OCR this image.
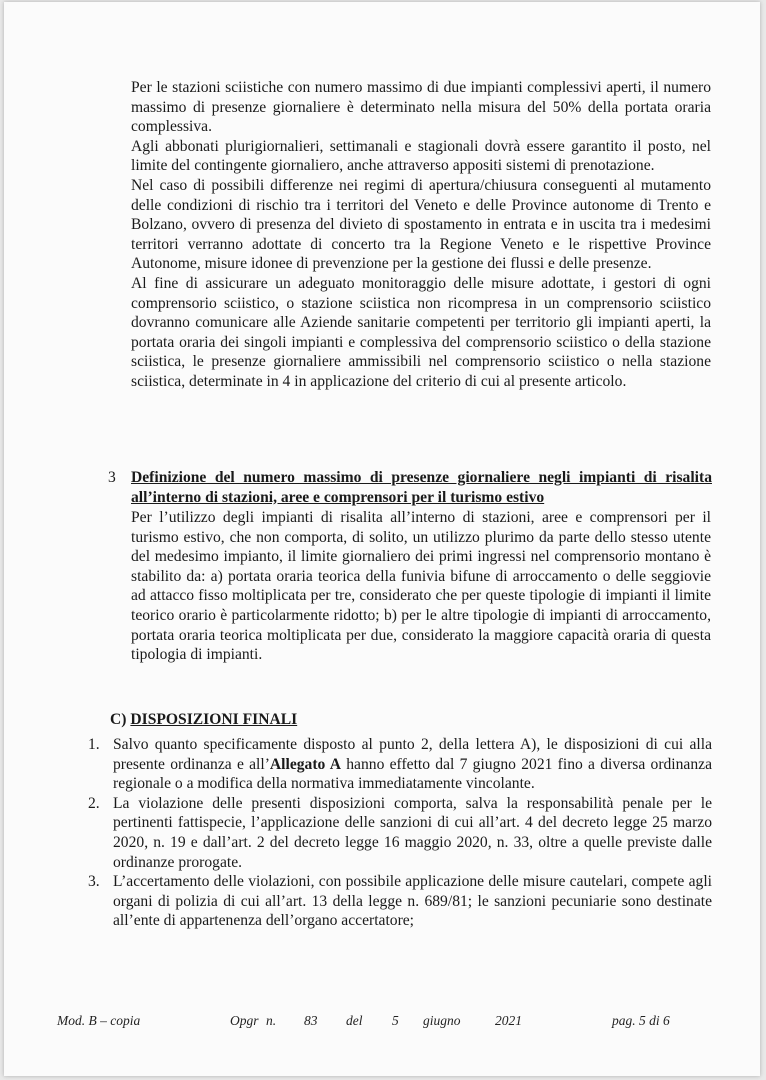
Per le stazioni sciistiche con numero massimo di due impianti complessivi aperti, il numero massimo di presenze giornaliere è determinato nella misura del 50% della portata oraria complessiva.

Agli abbonati plurigiornalieri, settimanali e stagionali dovrà essere garantito il posto, nel limite del contingente giornaliero, anche attraverso appositi sistemi di prenotazione.

Nel caso di possibili differenze nei regimi di apertura/chiusura conseguenti al mutamento delle condizioni di rischio tra i territori del Veneto e delle Province autonome di Trento e Bolzano, ovvero di presenza del divieto di spostamento in entrata e in uscita tra i medesimi territori verranno adottate di concerto tra la Regione Veneto e le rispettive Province Autonome, misure idonee di prevenzione per la gestione dei flussi e delle presenze.

Al fine di assicurare un adeguato monitoraggio delle misure adottate, i gestori di ogni comprensorio sciistico, o stazione sciistica non ricompresa in un comprensorio sciistico dovranno comunicare alle Aziende sanitarie competenti per territorio gli impianti aperti, la portata oraria dei singoli impianti e complessiva del comprensorio sciistico o della stazione sciistica, le presenze giornaliere ammissibili nel comprensorio sciistico o nella stazione sciistica, determinate in 4 in applicazione del criterio di cui al presente articolo.

3 Definizione del numero massimo di presenze giornaliere negli impianti di risalita all’interno di stazioni, aree e comprensori per il turismo estivo

Per l’utilizzo degli impianti di risalita all’interno di stazioni, aree e comprensori per il turismo estivo, che non comporta, di solito, un utilizzo plurimo da parte dello stesso utente del medesimo impianto, il limite giornaliero dei primi ingressi nel comprensorio montano è stabilito da: a) portata oraria teorica della funivia bifune di arroccamento o delle seggiovie ad attacco fisso moltiplicata per tre, considerato che per queste tipologie di impianti il limite teorico orario è particolarmente ridotto; b) per le altre tipologie di impianti di arroccamento, portata oraria teorica moltiplicata per due, considerato la maggiore capacità oraria di questa tipologia di impianti.

C) DISPOSIZIONI FINALI

1. Salvo quanto specificamente disposto al punto 2, della lettera A), le disposizioni di cui alla presente ordinanza e all’Allegato A hanno effetto dal 7 giugno 2021 fino a diversa ordinanza regionale o a modifica della normativa immediatamente vincolante.

2. La violazione delle presenti disposizioni comporta, salva la responsabilità penale per le pertinenti fattispecie, l’applicazione delle sanzioni di cui all’art. 4 del decreto legge 25 marzo 2020, n. 19 e dall’art. 2 del decreto legge 16 maggio 2020, n. 33, oltre a quelle previste dalle ordinanze prorogate.

3. L’accertamento delle violazioni, con possibile applicazione delle misure cautelari, compete agli organi di polizia di cui all’art. 13 della legge n. 689/81; le sanzioni pecuniarie sono destinate all’ente di appartenenza dell’organo accertatore;

Mod. B – copia	Opgr n. 83 del 5 giugno	2021	pag. 5 di 6
